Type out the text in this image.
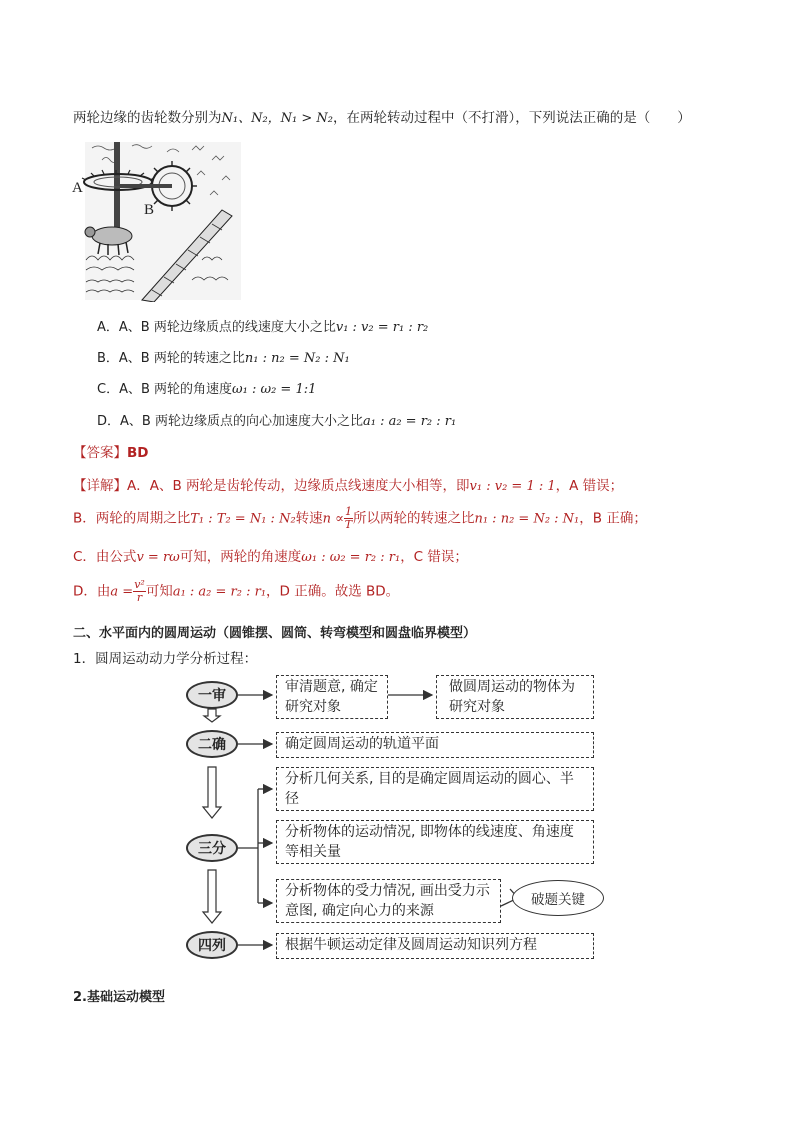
两轮边缘的齿轮数分别为N₁、N₂，N₁ > N₂，在两轮转动过程中（不打滑），下列说法正确的是（　　）
A
B
A．A、B 两轮边缘质点的线速度大小之比v₁ : v₂ = r₁ : r₂
B．A、B 两轮的转速之比n₁ : n₂ = N₂ : N₁
C．A、B 两轮的角速度ω₁ : ω₂ = 1:1
D．A、B 两轮边缘质点的向心加速度大小之比a₁ : a₂ = r₂ : r₁
【答案】BD
【详解】A．A、B 两轮是齿轮传动，边缘质点线速度大小相等，即v₁ : v₂ = 1 : 1，A 错误；
B．两轮的周期之比T₁ : T₂ = N₁ : N₂转速$n \propto \frac{1}{T}$ 所以两轮的转速之比n₁ : n₂ = N₂ : N₁，B 正确；
C．由公式v = rω可知，两轮的角速度ω₁ : ω₂ = r₂ : r₁，C 错误；
D．由$a = \frac{\text{v²}}{r}$ 可知a₁ : a₂ = r₂ : r₁，D 正确。故选 BD。
二、水平面内的圆周运动（圆锥摆、圆筒、转弯模型和圆盘临界模型）
1．圆周运动动力学分析过程：
一审
二确
三分
四列
审清题意, 确定研究对象
做圆周运动的物体为研究对象
确定圆周运动的轨道平面
分析几何关系, 目的是确定圆周运动的圆心、半径
分析物体的运动情况, 即物体的线速度、角速度等相关量
分析物体的受力情况, 画出受力示意图, 确定向心力的来源
根据牛顿运动定律及圆周运动知识列方程
破题关键
2.基础运动模型
